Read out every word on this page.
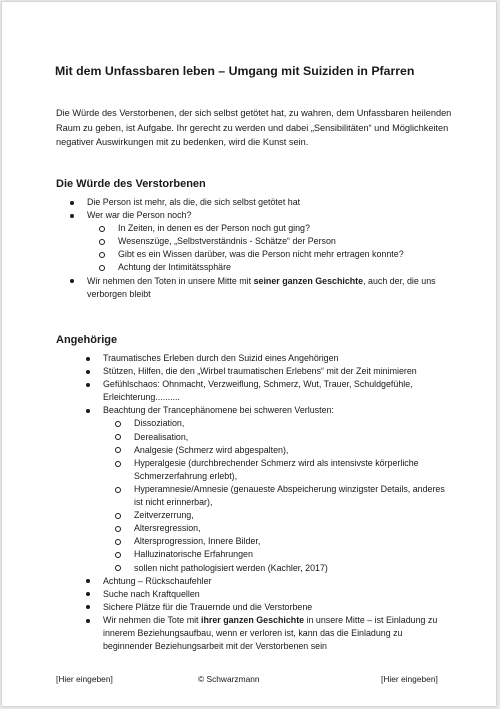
Mit dem Unfassbaren leben – Umgang mit Suiziden in Pfarren
Die Würde des Verstorbenen, der sich selbst getötet hat, zu wahren, dem Unfassbaren heilenden Raum zu geben, ist Aufgabe. Ihr gerecht zu werden und dabei „Sensibilitäten“ und Möglichkeiten negativer Auswirkungen mit zu bedenken, wird die Kunst sein.
Die Würde des Verstorbenen
Die Person ist mehr, als die, die sich selbst getötet hat
Wer war die Person noch?
In Zeiten, in denen es der Person noch gut ging?
Wesenszüge, „Selbstverständnis - Schätze“ der Person
Gibt es ein Wissen darüber, was die Person nicht mehr ertragen konnte?
Achtung der Intimitätssphäre
Wir nehmen den Toten in unsere Mitte mit seiner ganzen Geschichte, auch der, die uns verborgen bleibt
Angehörige
Traumatisches Erleben durch den Suizid eines Angehörigen
Stützen, Hilfen, die den „Wirbel traumatischen Erlebens“ mit der Zeit minimieren
Gefühlschaos: Ohnmacht, Verzweiflung, Schmerz, Wut, Trauer, Schuldgefühle, Erleichterung..........
Beachtung der Trancephänomene bei schweren Verlusten:
Dissoziation,
Derealisation,
Analgesie (Schmerz wird abgespalten),
Hyperalgesie (durchbrechender Schmerz wird als intensivste körperliche Schmerzerfahrung erlebt),
Hyperamnesie/Amnesie (genaueste Abspeicherung winzigster Details, anderes ist nicht erinnerbar),
Zeitverzerrung,
Altersregression,
Altersprogression, Innere Bilder,
Halluzinatorische Erfahrungen
sollen nicht pathologisiert werden (Kachler, 2017)
Achtung – Rückschaufehler
Suche nach Kraftquellen
Sichere Plätze für die Trauernde und die Verstorbene
Wir nehmen die Tote mit ihrer ganzen Geschichte in unsere Mitte – ist Einladung zu innerem Beziehungsaufbau, wenn er verloren ist, kann das die Einladung zu beginnender Beziehungsarbeit mit der Verstorbenen sein
[Hier eingeben]	© Schwarzmann	[Hier eingeben]
